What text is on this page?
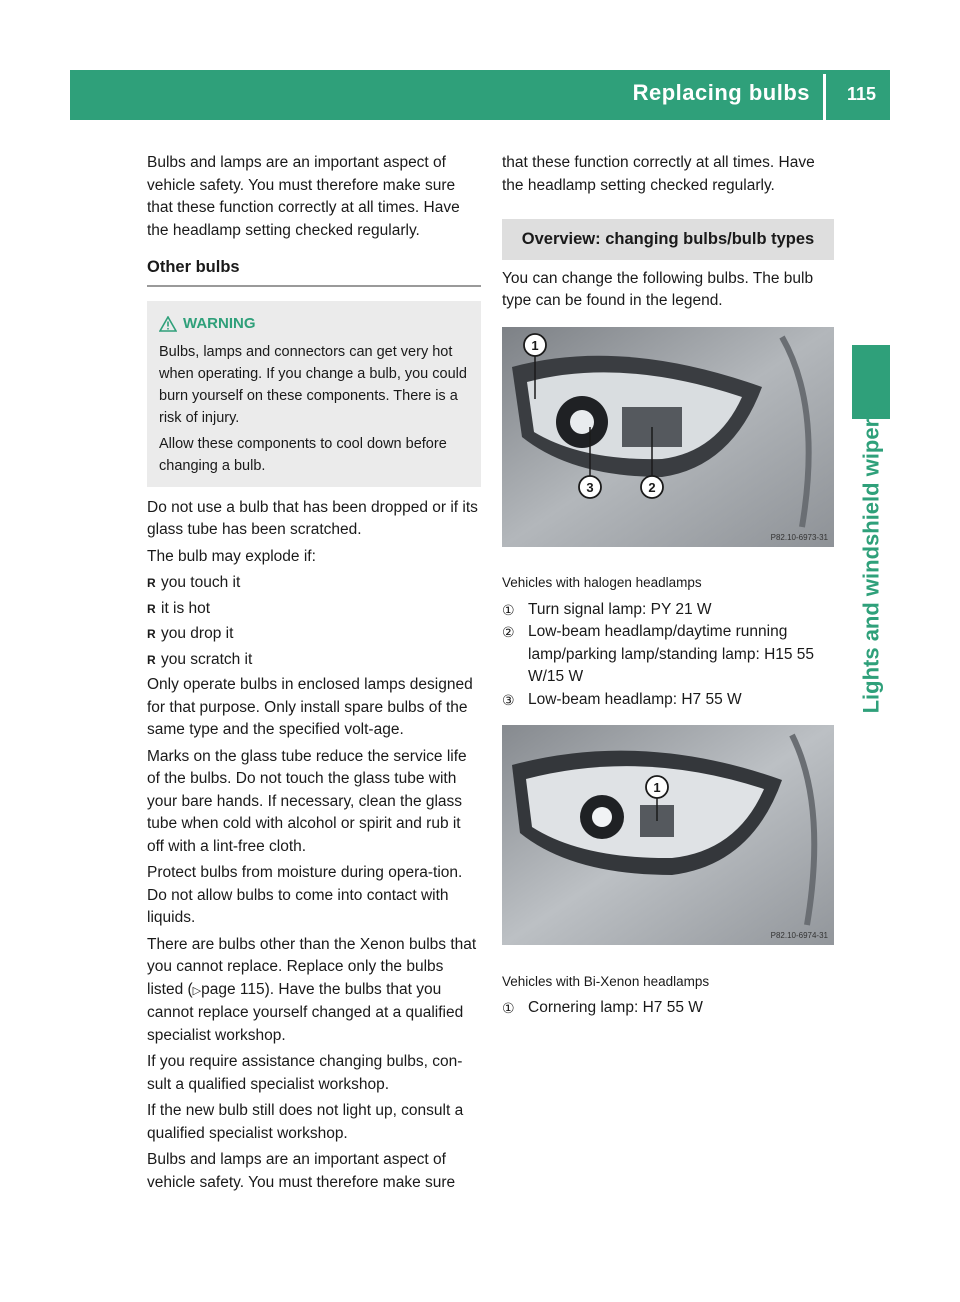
Replacing bulbs 115
Lights and windshield wipers

Bulbs and lamps are an important aspect of vehicle safety. You must therefore make sure that these function correctly at all times. Have the headlamp setting checked regularly.

Other bulbs
WARNING

Bulbs, lamps and connectors can get very hot when operating. If you change a bulb, you could burn yourself on these components. There is a risk of injury.

Allow these components to cool down before changing a bulb.

Do not use a bulb that has been dropped or if its glass tube has been scratched.

The bulb may explode if:

R you touch it
R it is hot
R you drop it
R you scratch it

Only operate bulbs in enclosed lamps designed for that purpose. Only install spare bulbs of the same type and the specified volt-age.

Marks on the glass tube reduce the service life of the bulbs. Do not touch the glass tube with your bare hands. If necessary, clean the glass tube when cold with alcohol or spirit and rub it off with a lint-free cloth.

Protect bulbs from moisture during opera-tion. Do not allow bulbs to come into contact with liquids.

There are bulbs other than the Xenon bulbs that you cannot replace. Replace only the bulbs listed (▷page 115). Have the bulbs that you cannot replace yourself changed at a qualified specialist workshop.

If you require assistance changing bulbs, con-sult a qualified specialist workshop.

If the new bulb still does not light up, consult a qualified specialist workshop.

Bulbs and lamps are an important aspect of vehicle safety. You must therefore make sure

that these function correctly at all times. Have the headlamp setting checked regularly.

Overview: changing bulbs/bulb types

You can change the following bulbs. The bulb type can be found in the legend.

1
2
3
P82.10-6973-31
Vehicles with halogen headlamps
① Turn signal lamp: PY 21 W
② Low-beam headlamp/daytime running lamp/parking lamp/standing lamp: H15 55 W/15 W
③ Low-beam headlamp: H7 55 W
1
P82.10-6974-31
Vehicles with Bi-Xenon headlamps
① Cornering lamp: H7 55 W
